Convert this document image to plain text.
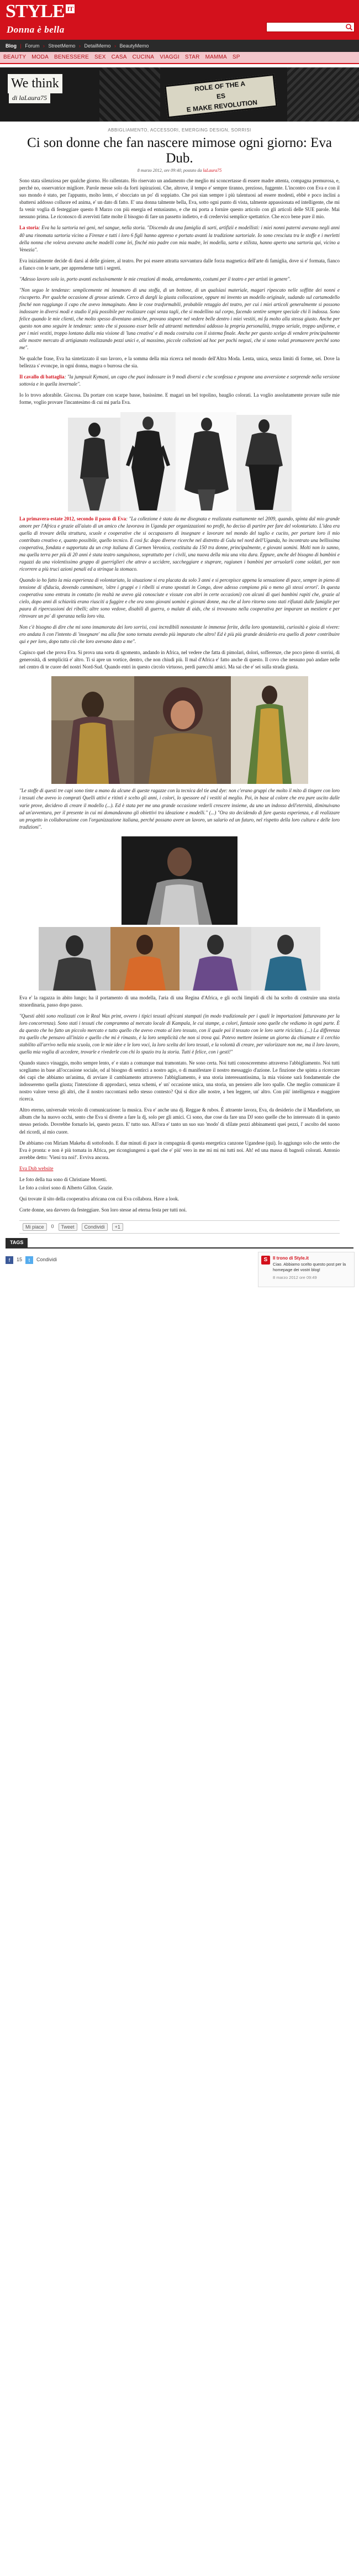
STYLE IT
Donna è bella
Blog | Forum › StreetMemo › DetailMemo › BeautyMemo
BEAUTY MODA BENESSERE SEX CASA CUCINA VIAGGI STAR MAMMA SP
We think
di laLaura75
ROLE OF THE A
ES
E MAKE REVOLUTION
ABBIGLIAMENTO, ACCESSORI, EMERGING DESIGN, SORRISI
Ci son donne che fan nascere mimose ogni giorno: Eva Dub.
8 marzo 2012, ore 09:40, postato da laLaura75

Sono stata silenziosa per qualche giorno. Ho rallentato. Ho riservato un andamento che meglio mi sconcertasse di essere madre attenta, compagna premurosa, e, perché no, osservatrice migliore. Parole messe solo da forti ispirazioni. Che, altrove, il tempo e' sempre tiranno, prezioso, fuggente. L'incontro con Eva e con il suo mondo è stato, per l'appunto, molto lento, e' sbocciato un po' di soppiatto. Che poi sian sempre i più talentuosi ad essere modesti, ebbè e poco inclini a sbattersi addosso colluore ed anima, e' un dato di fatto. E' una donna talmente bella, Eva, sotto ogni punto di vista, talmente appassionata ed intelligente, che mi fa venir voglia di festeggiare questo 8 Marzo con più energia ed entusiasmo, e che mi porta a fornire questo articolo con gli articoli delle SUE parole. Mai nessuno prima. Le riconosco di avervisti fatte molte il bisogno di fare un passetto indietro, e di credervisi semplice spettatrice. Che ecco bene pure il mio.

La storia: Eva ha la sartoria nei geni, nel sangue, nella storia. "Discendo da una famiglia di sarti, artifizii e modellisti: i miei nonni paterni avevano negli anni 40 una rinomata sartoria vicino a Firenze e tutti i loro 6 figli hanno appreso e portato avanti la tradizione sartoriale. Io sono cresciuta tra le stoffe e i merletti della nonna che voleva avevano anche modelli come lei, finché mio padre con mia madre, lei modella, sarta e stilista, hanno aperto una sartoria qui, vicino a Venezia".

Eva inizialmente decide di darsi al delle gioiere, al teatro. Per poi essere attratta suvvantura dalle forza magnetica dell'arte di famiglia, dove si e' formata, fianco a fianco con le sarte, per apprenderne tutti i segreti.

"Adesso lavoro solo io, porto avanti esclusivamente le mie creazioni di moda, arredamento, costumi per il teatro e per artisti in genere".

"Non seguo le tendenze: semplicemente mi innamoro di una stoffa, di un bottone, di un qualsiasi materiale, magari ripescato nelle soffitte dei nonni e riscoperto. Per qualche occasione di grosse aziende. Cerco di dargli la giusta collocazione, oppure mi invento un modello originale, sudando sul cartamodello finché non raggiungo il capo che avevo immaginato. Amo le cose trasformabili, probabile retaggio del teatro, per cui i miei articoli generalmente si possono indossare in diversi modi e studio il più possibile per realizzare capi senza tagli, che si modellino sul corpo, facendo sentire sempre speciale chi li indossa. Sono felice quando le mie clienti, che molto spesso diventano amiche, provano stupore nel vedere belle dentro i miei vestiti, mi fa molto alla stessa giusto. Anche per questo non amo seguire le tendenze: sento che si possono esser belle ed attraenti mettendosi addosso la propria personalità, troppo seriale, troppo uniforme, e per i miei vestiti, troppo lontano dalla mia visione di 'luna creativa' e di moda costruita con il sistema finale. Anche per questo scelgo di vendere principalmente alle mostre mercato di artigianato realizzando pezzi unici e, al massimo, piccole collezioni ad hoc per pochi negozi, che si sono voluti promuovere perché sono me".

Ne qualche frase, Eva ha sintetizzato il suo lavoro, e la somma della mia ricerca nel mondo dell'Altra Moda. Lenta, unica, senza limiti di forme, sei. Dove la bellezza s' evoncpe, in ogni donna, magra o burrosa che sia.

Il cavallo di battaglia: "la jumpsuit Kymani, un capo che puoi indossare in 9 modi diversi e che sconfessa e propone una avversione e sorprende nella versione sottovia e in quella invernale".

Io lo trovo adorabile. Giocosa. Da portare con scarpe basse, basissime. E magari un bel topolino, bauglio colorati. La voglio assolutamente provare sulle mie forme, voglio provare l'incantesimo di cui mi parla Eva.

La primavera-estate 2012, secondo il passo di Eva: "La collezione è stata da me disegnata e realizzata esattamente nel 2009, quando, spinta dal mio grande amore per l'Africa e grazie all'aiuto di un amico che lavorava in Uganda per organizzazioni no profit, ho deciso di partire per fare del volontariato. L'idea era quella di trovare della struttura, scuole e cooperative che si occupassero di insegnare e lavorare nel mondo del taglio e cucito, per portare loro il mio contributo creativo e, quanto possibile, quello tecnico. E così fu: dopo diverse ricerche nel distretto di Gulu nel nord dell'Uganda, ho incontrato una bellissima cooperativa, fondata e supportata da un crop italiana di Carmen Veronica, costituita da 150 tra donne, principalmente, e giovani uomini. Molti non lo sanno, ma quella terra per più di 20 anni è stata teatro sanguinoso, soprattutto per i civili, una nuova della mia una vita dura. Eppure, anche del bisogno di bambini e ragazzi da una violentissimo gruppo di guerriglieri che attrav a uccidere, saccheggiare e stuprare, ragiunen i bambini per arruolarli come soldati, per non ricorrere a più truci azioni penali ed a strinque la stomaco.

Quando io ho fatto la mia esperienza di volontariato, la situazione si era placata da solo 3 anni e si percepisce appena la sensazione di pace, sempre in pieno di tensione di sfiducia, dovendo camminare, 'oltre i gruppi e i ribelli si erano spostati in Congo, dove adesso compiono più o meno gli stessi orrori'. In questa cooperativa sono entrata in contatto (in realtà ne avevo già conosciute e vissute con altri in certe occasioni) con alcuni di quei bambini rapiti che, grazie al cielo, dopo anni di schiavitù erano riusciti a fuggire e che ora sono giovani uomini e giovani donne, ma che al loro ritorno sono stati rifiutati dalle famiglie per paura di ripercussioni dei ribelli; altre sono vedove, disabili di guerra, o malate di aids, che si trovavano nella cooperativa per imparare un mestiere e per ritrovare un po' di speranza nella loro vita.

Non c'è bisogno di dire che mi sono innamorata dei loro sorrisi, così incredibili nonostante le immense ferite, della loro spontaneità, curiosità e gioia di vivere: ero andata lì con l'intento di 'insegnare' ma alla fine sono tornata avendo più imparato che altro! Ed è più più grande desiderio era quello di poter contribuire qui e per loro, dopo tutto ciò che loro avevano dato a me".

Capisco quel che prova Eva. Si prova una sorta di sgomento, andando in Africa, nel vedere che fatta di pimolari, dolori, sofferenze, che poco pieno di sorrisi, di generosità, di semplicità e' altro. Ti si apre un vortice, dentro, che non chiudi più. Il mal d'Africa e' fatto anche di questo. Il covo che nessuno può andare nelle nel centro di te cuore del nostri Nord-Sud. Quando entri in questo circolo virtuoso, perdi parecchi amici. Ma sai che e' sei sulla strada giusta.

"Le stoffe di questi tre capi sono tinte a mano da alcune di queste ragazze con la tecnica del tie and dye: non c'erano gruppi che molto il mito di tingere con loro i tessuti che avevo io comprati Quelli attivi e ritinti è scelto gli anni, i colori, lo spessore ed i vestiti al meglio. Poi, in base al colore che era pure uscito dalle varie prove, decidevo di creare il modello (...). Ed è stata per me una grande occasione vederli crescere insieme, da uno un indosso dell'eternità, diminuivano ad un'avventura, per il presente in cui mi domandavano gli obiettivi tra ideazione e modelli." (...) "Ora sto decidendo di fare questa esperienza, e di realizzare un progetto in collaborazione con l'organizzazione italiana, perché possano avere un lavoro, un salario ed un futuro, nel rispetto della loro cultura e delle loro tradizioni".

Eva e' la ragazza in abito lungo; ha il portamento di una modella, l'aria di una Regina d'Africa, e gli occhi limpidi di chi ha scelto di costruire una storia straordinaria, passo dopo passo.

"Questi abiti sono realizzati con le Real Wax print, ovvero i tipici tessuti africani stampati (in modo tradizionale per i quali le importazioni fatturavano per la loro concorrenza). Sono stati i tessuti che comprammo al mercato locale di Kampala, le cui stampe, a colori, fantasie sono quelle che vediamo in ogni parte. È da questo che ho fatto un piccolo mercato e tutto quello che avevo creato al loro tessuto, con il quale poi il tessuto con le loro sarte riciclato. (...) La differenza tra quello che pensavo all'inizio e quello che mi è rimasto, è la loro semplicità che non si trova qui. Potevo mettere insieme un giorno da chiamate e il cerchio stabilito all'arrivo nella mia scuola, con le mie idee e le loro voci, la loro scelta dei loro tessuti, e la volontà di creare, per valorizzare non me, ma il loro lavoro, quella mia voglia di accedere, trovarle e rivederle con chi lo spazio tra la storia. Tutti è felice, con i gesti!"

Quando stanco vinaggio, molto sempre lento, e' e stato a comunque mai tramontato. Ne sono certa. Noi tutti conosceremmo attraverso l'abbigliamento. Noi tutti scegliamo in base all'occasione sociale, od al bisogno di sentirci a nostro agio, o di manifestare il nostro messaggio d'azione. Le finzione che spinta a ricercare dei capi che abbiamo un'anima, di avviare il cambiamento attraverso l'abbigliamento, è una storia interessantissima, la mia visione sarà fondamentale che indosseremo quella giusta; l'intenzione di approdarci, senza schemi, e' un' occasione unica, una storia, un pensiero alle loro spalle. Che meglio comunicare il nostro valore verso gli altri, che il nostro raccontarsi nello stesso contesto? Qui si dice alle nostre, a ben leggere, un' altro. Con più' intelligenza e maggiore ricerca.

Altro eterno, universale veicolo di comunicazione: la musica. Eva e' anche una dj. Reggae & rubos. È attraente lavora, Eva, da desiderio che il Mandleforte, un album che ha nuovo occhi, sento che Eva si diverte a fare la dj, solo per gli amici. Ci sono, due cose da fare una DJ sono quelle che ho interessato di in questo stesso periodo. Dovrebbe fornarlo lei, questo pezzo. E' tutto suo. All'ora e' tanto un suo suo 'modo' di sfilate pezzi abbinamenti quei pezzi, l' ascolto del suono del ricordi, al mio cuore.

De abbiamo con Miriam Makeba di sottofondo. E due minuti di pace in compagnia di questa energetica canzone Ugandese (qui). Io aggiungo solo che sento che Eva è pronta: e non è più tornata in Africa, per ricongiungersi a quel che e' più' vero in me mi mi mi tutti noi. Ah! ed una massa di bagnoli colorati. Antonio avrebbe detto: 'Vieni tra noi!'. Evviva ancora.

Eva Dub website

Le foto della tua sono di Christiane Moretti.

Le foto a colori sono di Alberto Gillon. Grazie.

Qui trovate il sito della cooperativa africana con cui Eva collabora. Have a look.

Corte donne, sea davvero da festeggiare. Son loro stesse ad eterna festa per tutti noi.

Mi piace	0	Tweet	Condividi	+1
TAGS
f	15	t	Condividi	S	Il trono di Style.it
Ciao. Abbiamo scelto questo post per la homepage dei vostri blog!
8 marzo 2012 ore 09:49
